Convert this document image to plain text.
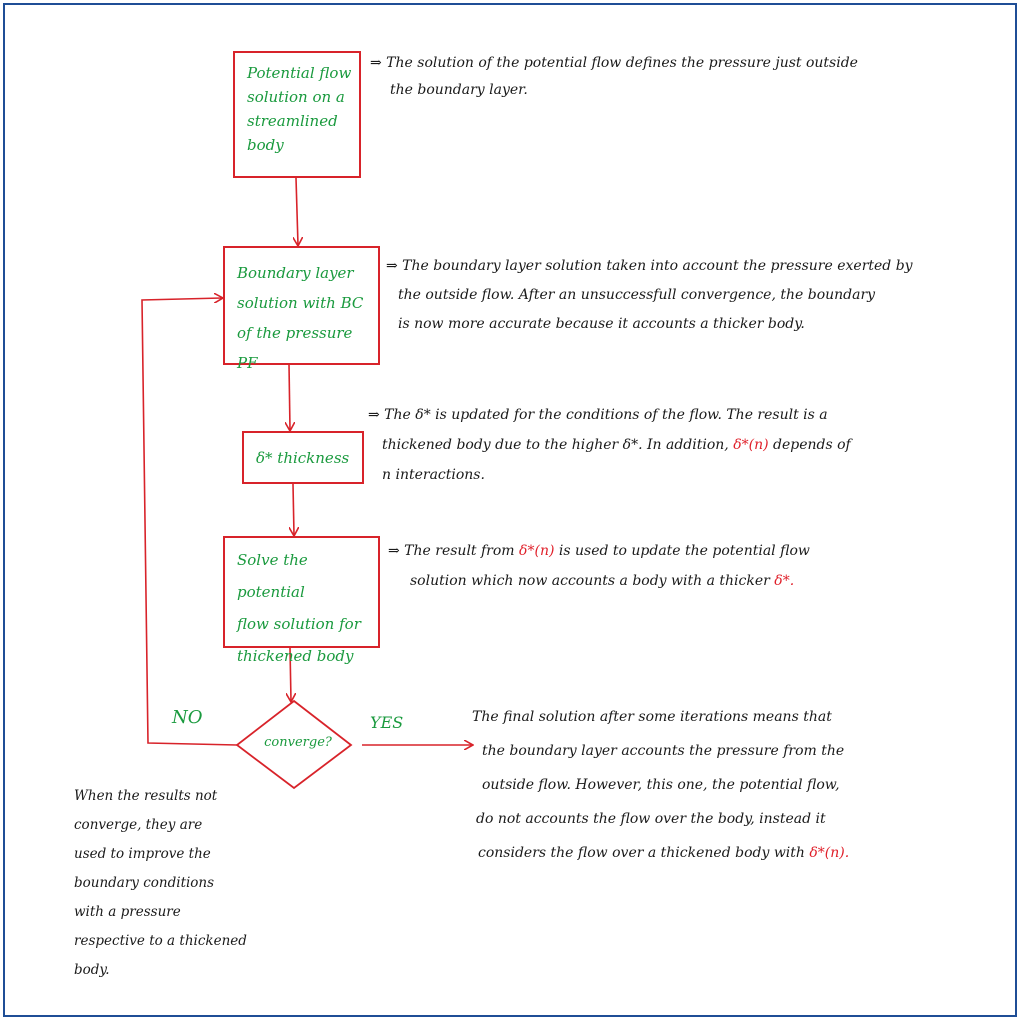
Potential flow
solution on a
streamlined
body
Boundary layer
solution with BC
of the pressure PF
δ* thickness
Solve the potential
flow solution for
thickened body
converge?
NO	YES
⇒ The solution of the potential flow defines the pressure just outside
the boundary layer.
⇒ The boundary layer solution taken into account the pressure exerted by
the outside flow. After an unsuccessfull convergence, the boundary
is now more accurate because it accounts a thicker body.
⇒ The δ* is updated for the conditions of the flow. The result is a
thickened body due to the higher δ*. In addition, δ*(n) depends of
n interactions.
⇒ The result from δ*(n) is used to update the potential flow
solution which now accounts a body with a thicker δ*.
The final solution after some iterations means that
the boundary layer accounts the pressure from the
outside flow. However, this one, the potential flow,
do not accounts the flow over the body, instead it
considers the flow over a thickened body with δ*(n).
When the results not
converge, they are
used to improve the
boundary conditions
with a pressure
respective to a thickened
body.
